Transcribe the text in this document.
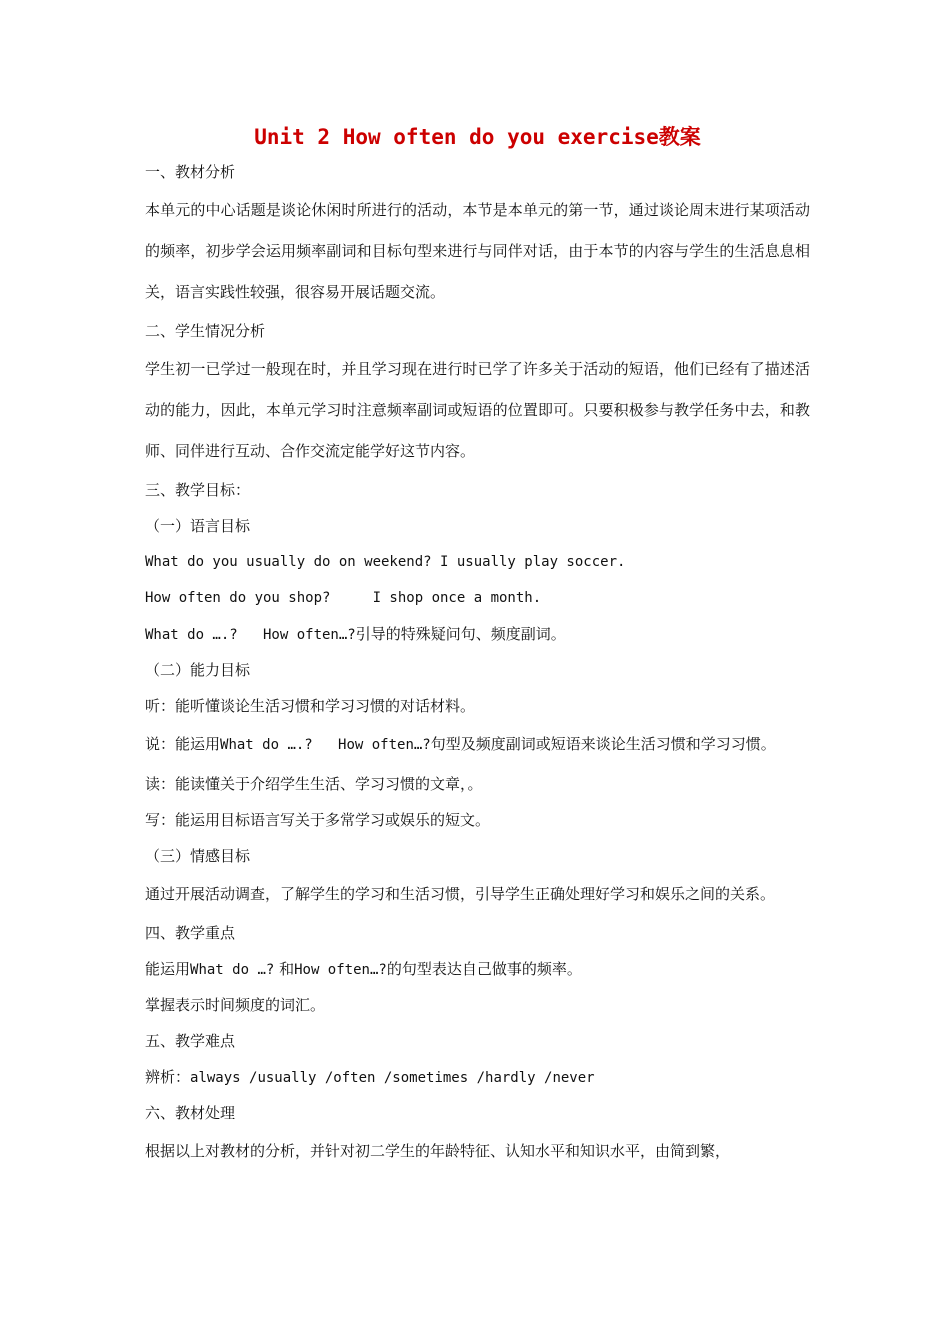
Unit 2 How often do you exercise教案
一、教材分析

本单元的中心话题是谈论休闲时所进行的活动，本节是本单元的第一节，通过谈论周末进行某项活动的频率，初步学会运用频率副词和目标句型来进行与同伴对话，由于本节的内容与学生的生活息息相关，语言实践性较强，很容易开展话题交流。

二、学生情况分析

学生初一已学过一般现在时，并且学习现在进行时已学了许多关于活动的短语，他们已经有了描述活动的能力，因此，本单元学习时注意频率副词或短语的位置即可。只要积极参与教学任务中去，和教师、同伴进行互动、合作交流定能学好这节内容。

三、教学目标：
（一）语言目标
What do you usually do on weekend? I usually play soccer.
How often do you shop?     I shop once a month.
What do ….?   How often…?引导的特殊疑问句、频度副词。
（二）能力目标
听：能听懂谈论生活习惯和学习习惯的对话材料。

说：能运用What do ….?   How often…?句型及频度副词或短语来谈论生活习惯和学习习惯。

读：能读懂关于介绍学生生活、学习习惯的文章，。
写：能运用目标语言写关于多常学习或娱乐的短文。
（三）情感目标

通过开展活动调查，了解学生的学习和生活习惯，引导学生正确处理好学习和娱乐之间的关系。

四、教学重点
能运用What do …? 和How often…?的句型表达自己做事的频率。
掌握表示时间频度的词汇。
五、教学难点
辨析：always /usually /often /sometimes /hardly /never
六、教材处理

根据以上对教材的分析，并针对初二学生的年龄特征、认知水平和知识水平，由简到繁，
